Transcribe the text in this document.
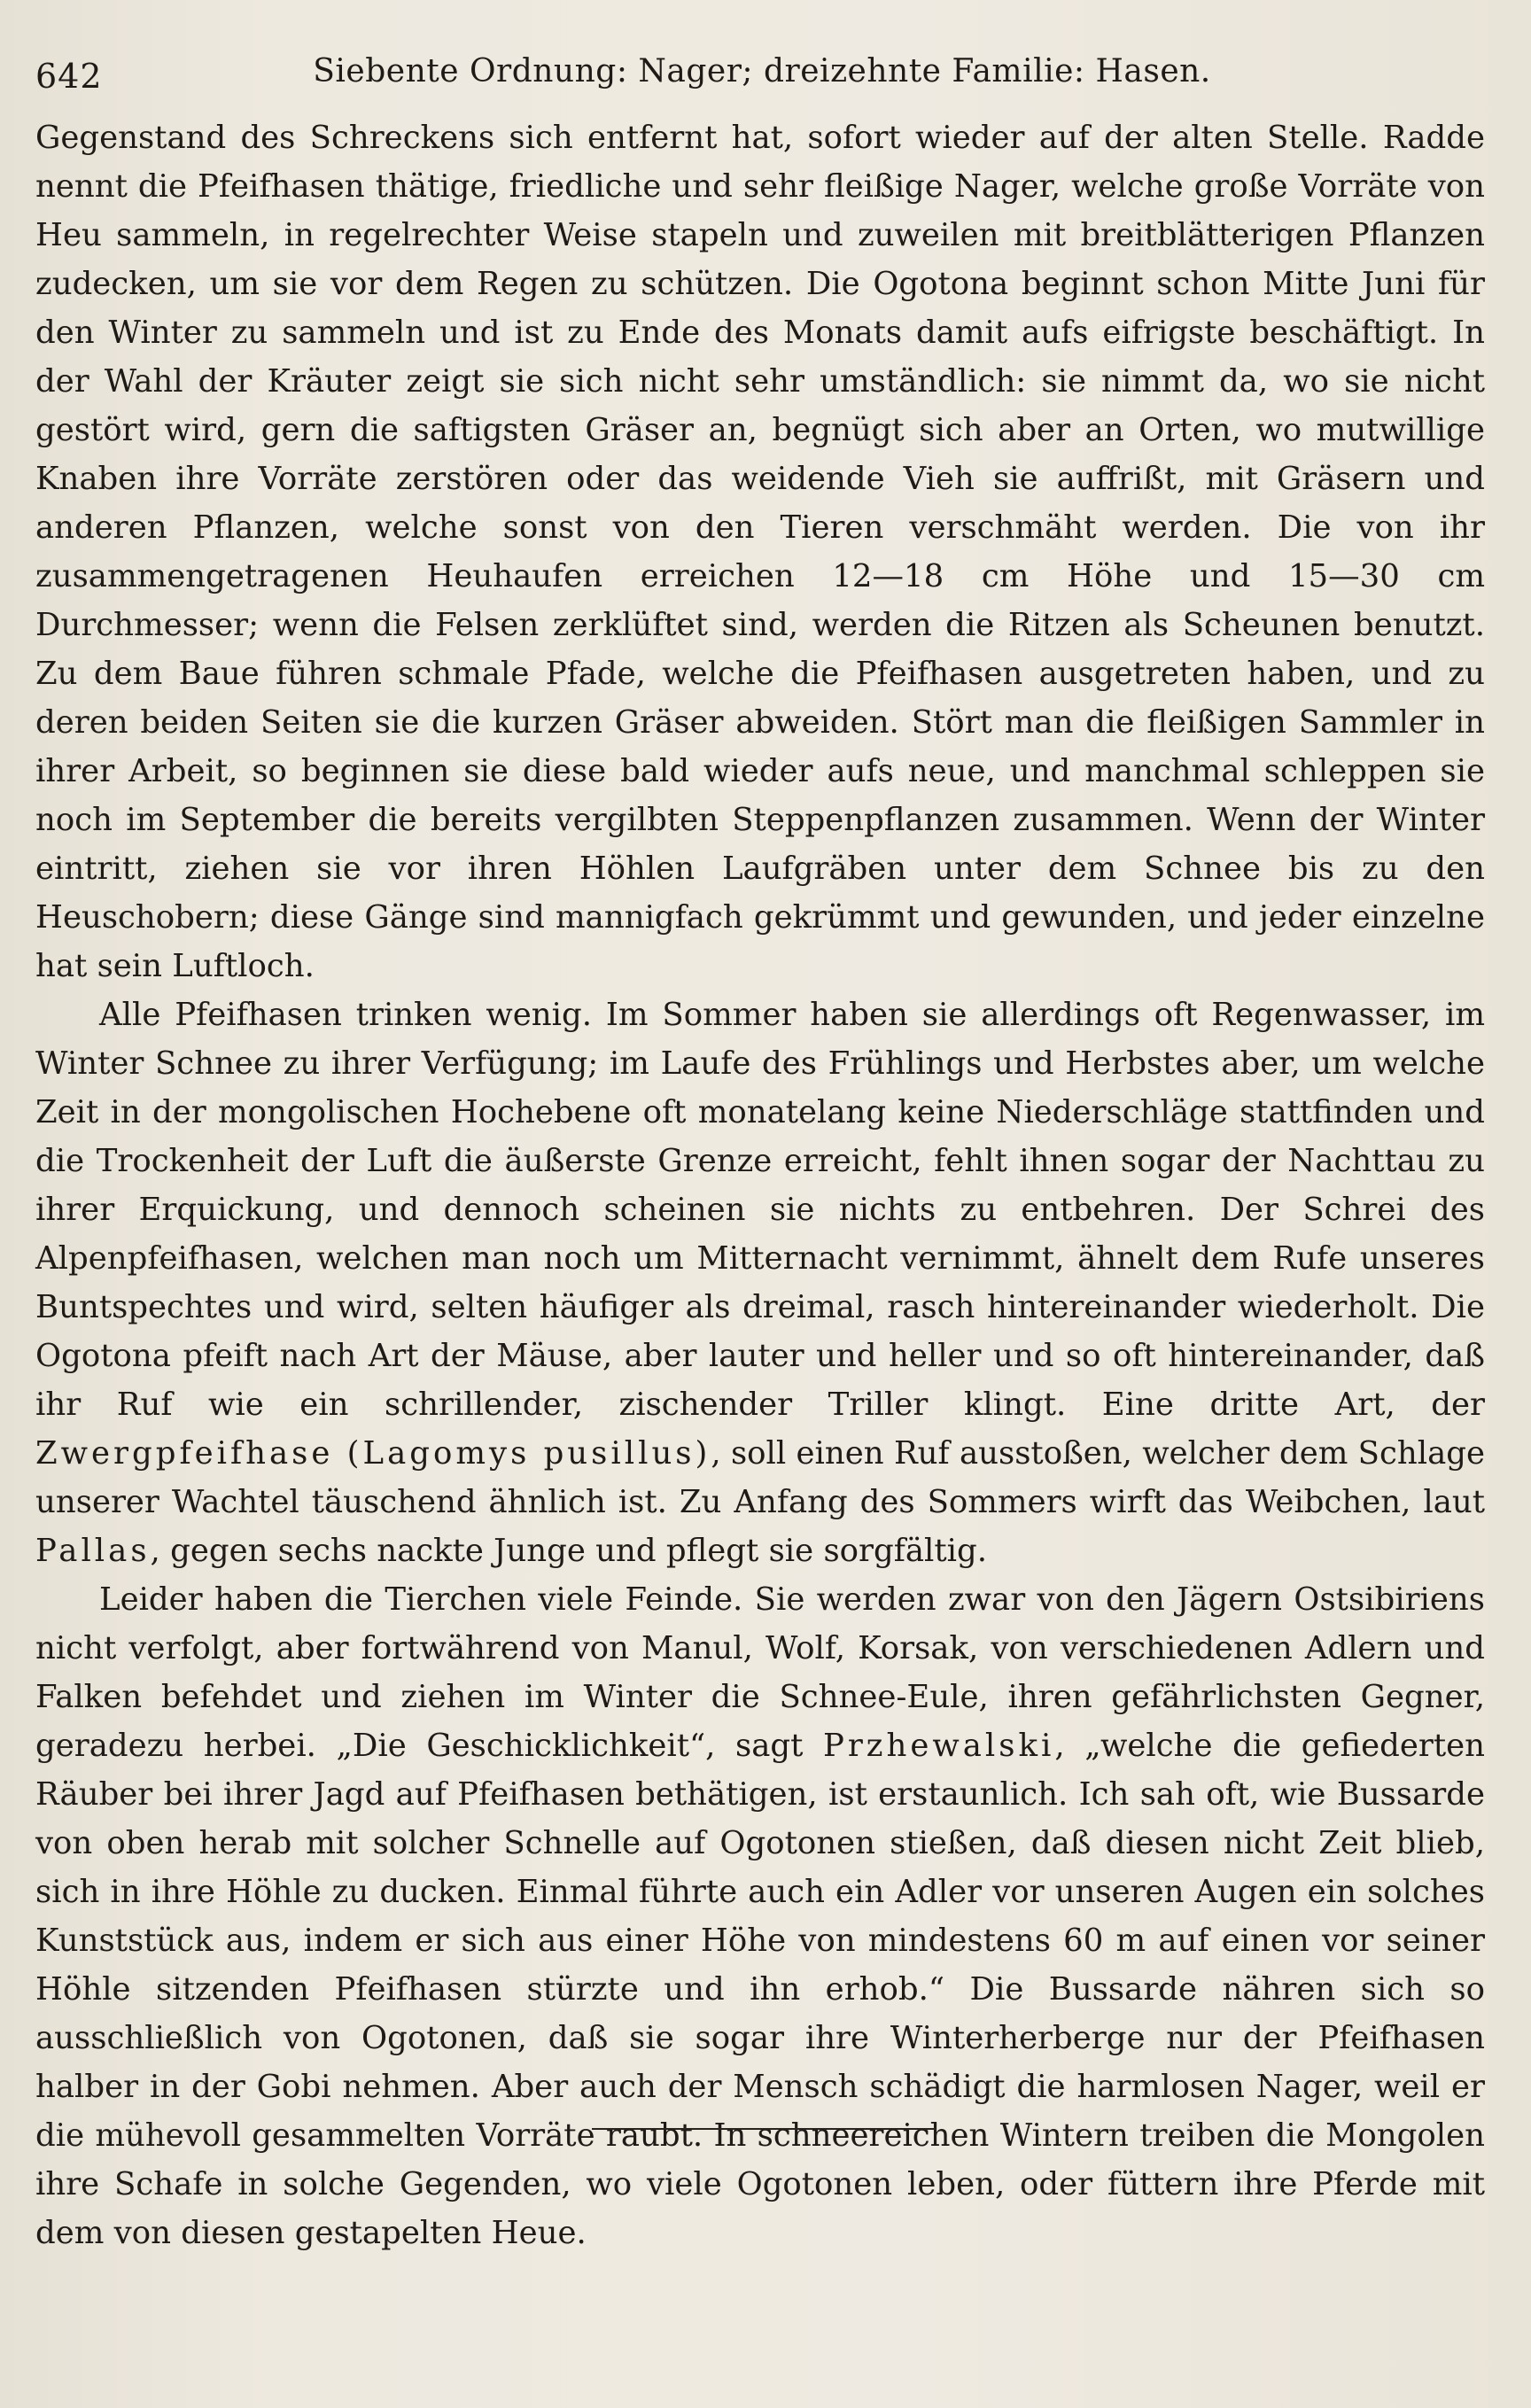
642	Siebente Ordnung: Nager; dreizehnte Familie: Hasen.

Gegenstand des Schreckens sich entfernt hat, sofort wieder auf der alten Stelle. Radde nennt die Pfeifhasen thätige, friedliche und sehr fleißige Nager, welche große Vorräte von Heu sammeln, in regelrechter Weise stapeln und zuweilen mit breitblätterigen Pflanzen zudecken, um sie vor dem Regen zu schützen. Die Ogotona beginnt schon Mitte Juni für den Winter zu sammeln und ist zu Ende des Monats damit aufs eifrigste beschäftigt. In der Wahl der Kräuter zeigt sie sich nicht sehr umständlich: sie nimmt da, wo sie nicht gestört wird, gern die saftigsten Gräser an, begnügt sich aber an Orten, wo mutwillige Knaben ihre Vorräte zerstören oder das weidende Vieh sie auffrißt, mit Gräsern und anderen Pflanzen, welche sonst von den Tieren verschmäht werden. Die von ihr zusammengetragenen Heuhaufen erreichen 12—18 cm Höhe und 15—30 cm Durchmesser; wenn die Felsen zerklüftet sind, werden die Ritzen als Scheunen benutzt. Zu dem Baue führen schmale Pfade, welche die Pfeifhasen ausgetreten haben, und zu deren beiden Seiten sie die kurzen Gräser abweiden. Stört man die fleißigen Sammler in ihrer Arbeit, so beginnen sie diese bald wieder aufs neue, und manchmal schleppen sie noch im September die bereits vergilbten Steppenpflanzen zusammen. Wenn der Winter eintritt, ziehen sie vor ihren Höhlen Laufgräben unter dem Schnee bis zu den Heuschobern; diese Gänge sind mannigfach gekrümmt und gewunden, und jeder einzelne hat sein Luftloch.

Alle Pfeifhasen trinken wenig. Im Sommer haben sie allerdings oft Regenwasser, im Winter Schnee zu ihrer Verfügung; im Laufe des Frühlings und Herbstes aber, um welche Zeit in der mongolischen Hochebene oft monatelang keine Niederschläge stattfinden und die Trockenheit der Luft die äußerste Grenze erreicht, fehlt ihnen sogar der Nachttau zu ihrer Erquickung, und dennoch scheinen sie nichts zu entbehren. Der Schrei des Alpenpfeifhasen, welchen man noch um Mitternacht vernimmt, ähnelt dem Rufe unseres Buntspechtes und wird, selten häufiger als dreimal, rasch hintereinander wiederholt. Die Ogotona pfeift nach Art der Mäuse, aber lauter und heller und so oft hintereinander, daß ihr Ruf wie ein schrillender, zischender Triller klingt. Eine dritte Art, der Zwergpfeifhase (Lagomys pusillus), soll einen Ruf ausstoßen, welcher dem Schlage unserer Wachtel täuschend ähnlich ist. Zu Anfang des Sommers wirft das Weibchen, laut Pallas, gegen sechs nackte Junge und pflegt sie sorgfältig.

Leider haben die Tierchen viele Feinde. Sie werden zwar von den Jägern Ostsibiriens nicht verfolgt, aber fortwährend von Manul, Wolf, Korsak, von verschiedenen Adlern und Falken befehdet und ziehen im Winter die Schnee-Eule, ihren gefährlichsten Gegner, geradezu herbei. „Die Geschicklichkeit“, sagt Przhewalski, „welche die gefiederten Räuber bei ihrer Jagd auf Pfeifhasen bethätigen, ist erstaunlich. Ich sah oft, wie Bussarde von oben herab mit solcher Schnelle auf Ogotonen stießen, daß diesen nicht Zeit blieb, sich in ihre Höhle zu ducken. Einmal führte auch ein Adler vor unseren Augen ein solches Kunststück aus, indem er sich aus einer Höhe von mindestens 60 m auf einen vor seiner Höhle sitzenden Pfeifhasen stürzte und ihn erhob.“ Die Bussarde nähren sich so ausschließlich von Ogotonen, daß sie sogar ihre Winterherberge nur der Pfeifhasen halber in der Gobi nehmen. Aber auch der Mensch schädigt die harmlosen Nager, weil er die mühevoll gesammelten Vorräte raubt. In schneereichen Wintern treiben die Mongolen ihre Schafe in solche Gegenden, wo viele Ogotonen leben, oder füttern ihre Pferde mit dem von diesen gestapelten Heue.
